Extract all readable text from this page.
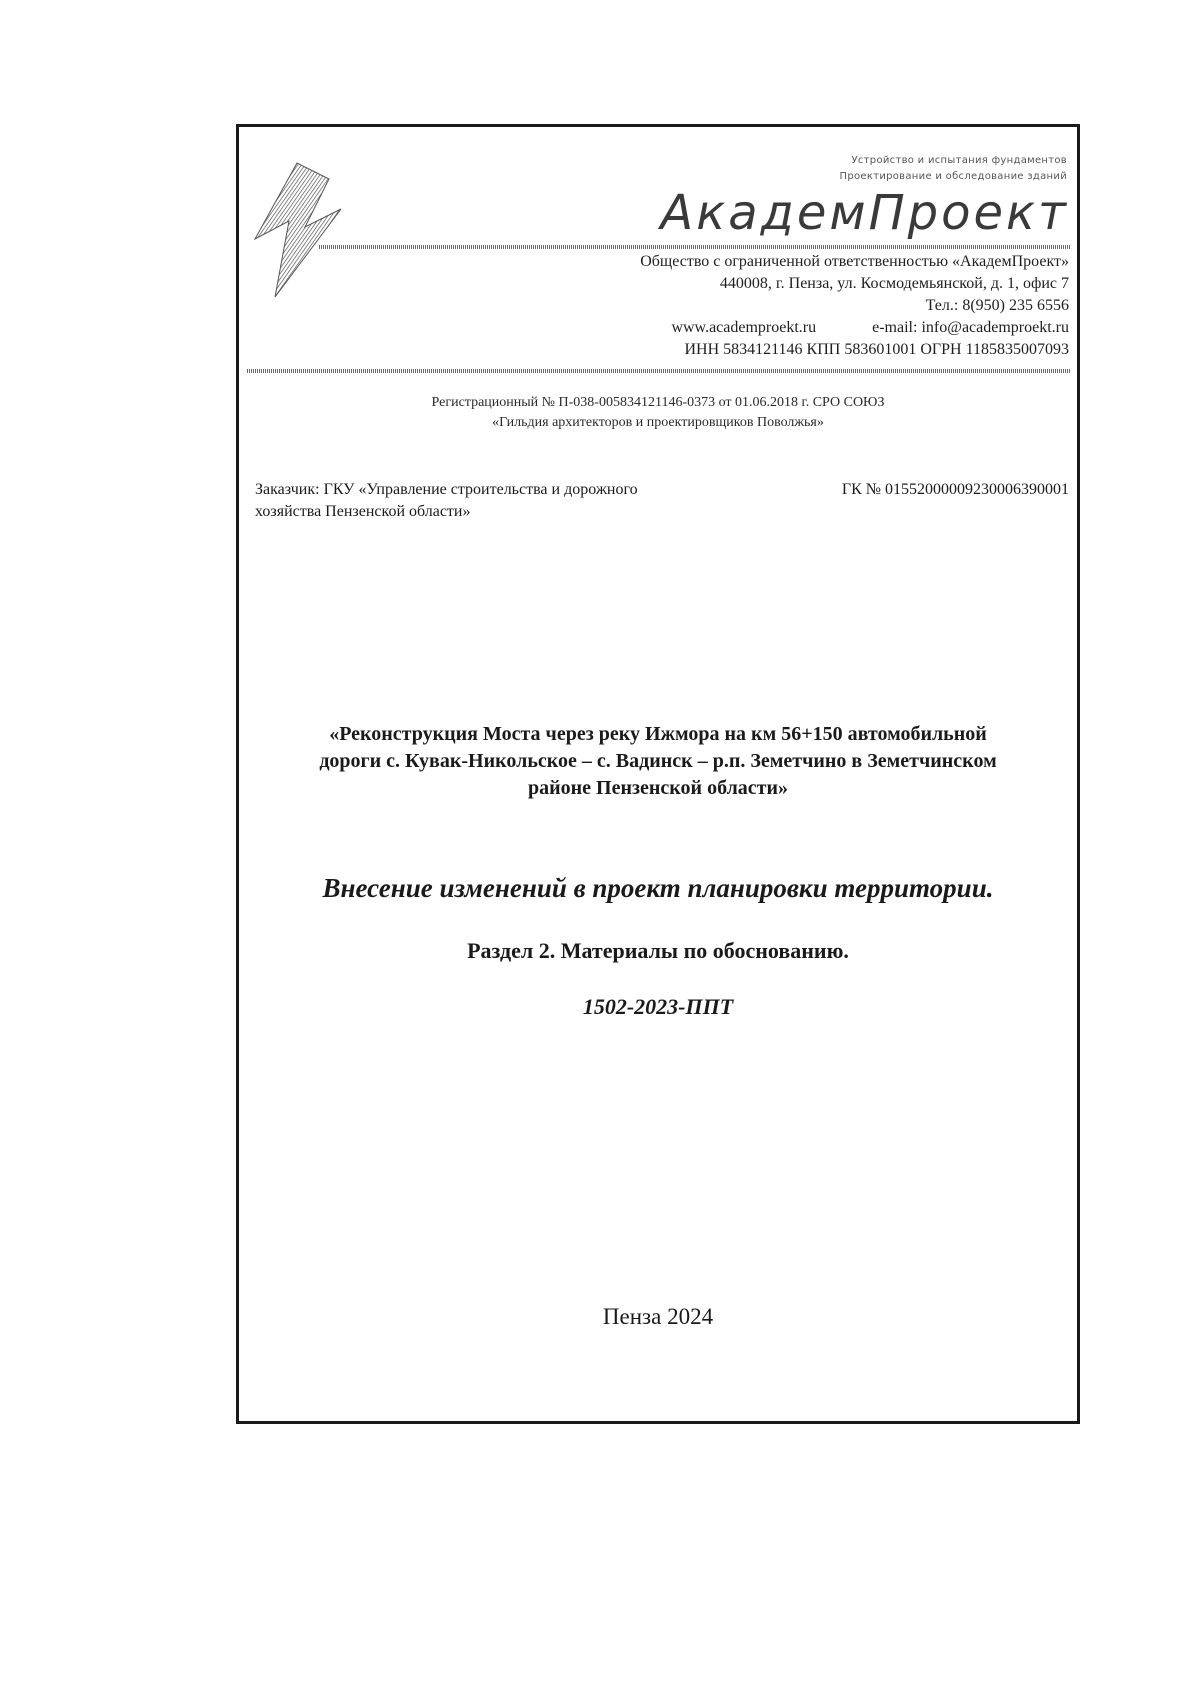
Устройство и испытания фундаментов
Проектирование и обследование зданий
АкадемПроект
Общество с ограниченной ответственностью «АкадемПроект»
440008, г. Пенза, ул. Космодемьянской, д. 1, офис 7
Тел.: 8(950) 235 6556
www.academproekt.ru	e-mail: info@academproekt.ru
ИНН 5834121146 КПП 583601001 ОГРН 1185835007093
Регистрационный № П-038-005834121146-0373 от 01.06.2018 г. СРО СОЮЗ
«Гильдия архитекторов и проектировщиков Поволжья»
Заказчик: ГКУ «Управление строительства и дорожного
хозяйства Пензенской области»
ГК № 0155200000923000639000​1
«Реконструкция Моста через реку Ижмора на км 56+150 автомобильной
дороги с. Кувак-Никольское – с. Вадинск – р.п. Земетчино в Земетчинском
районе Пензенской области»
Внесение изменений в проект планировки территории.
Раздел 2. Материалы по обоснованию.
1502-2023-ППТ
Пенза 2024
